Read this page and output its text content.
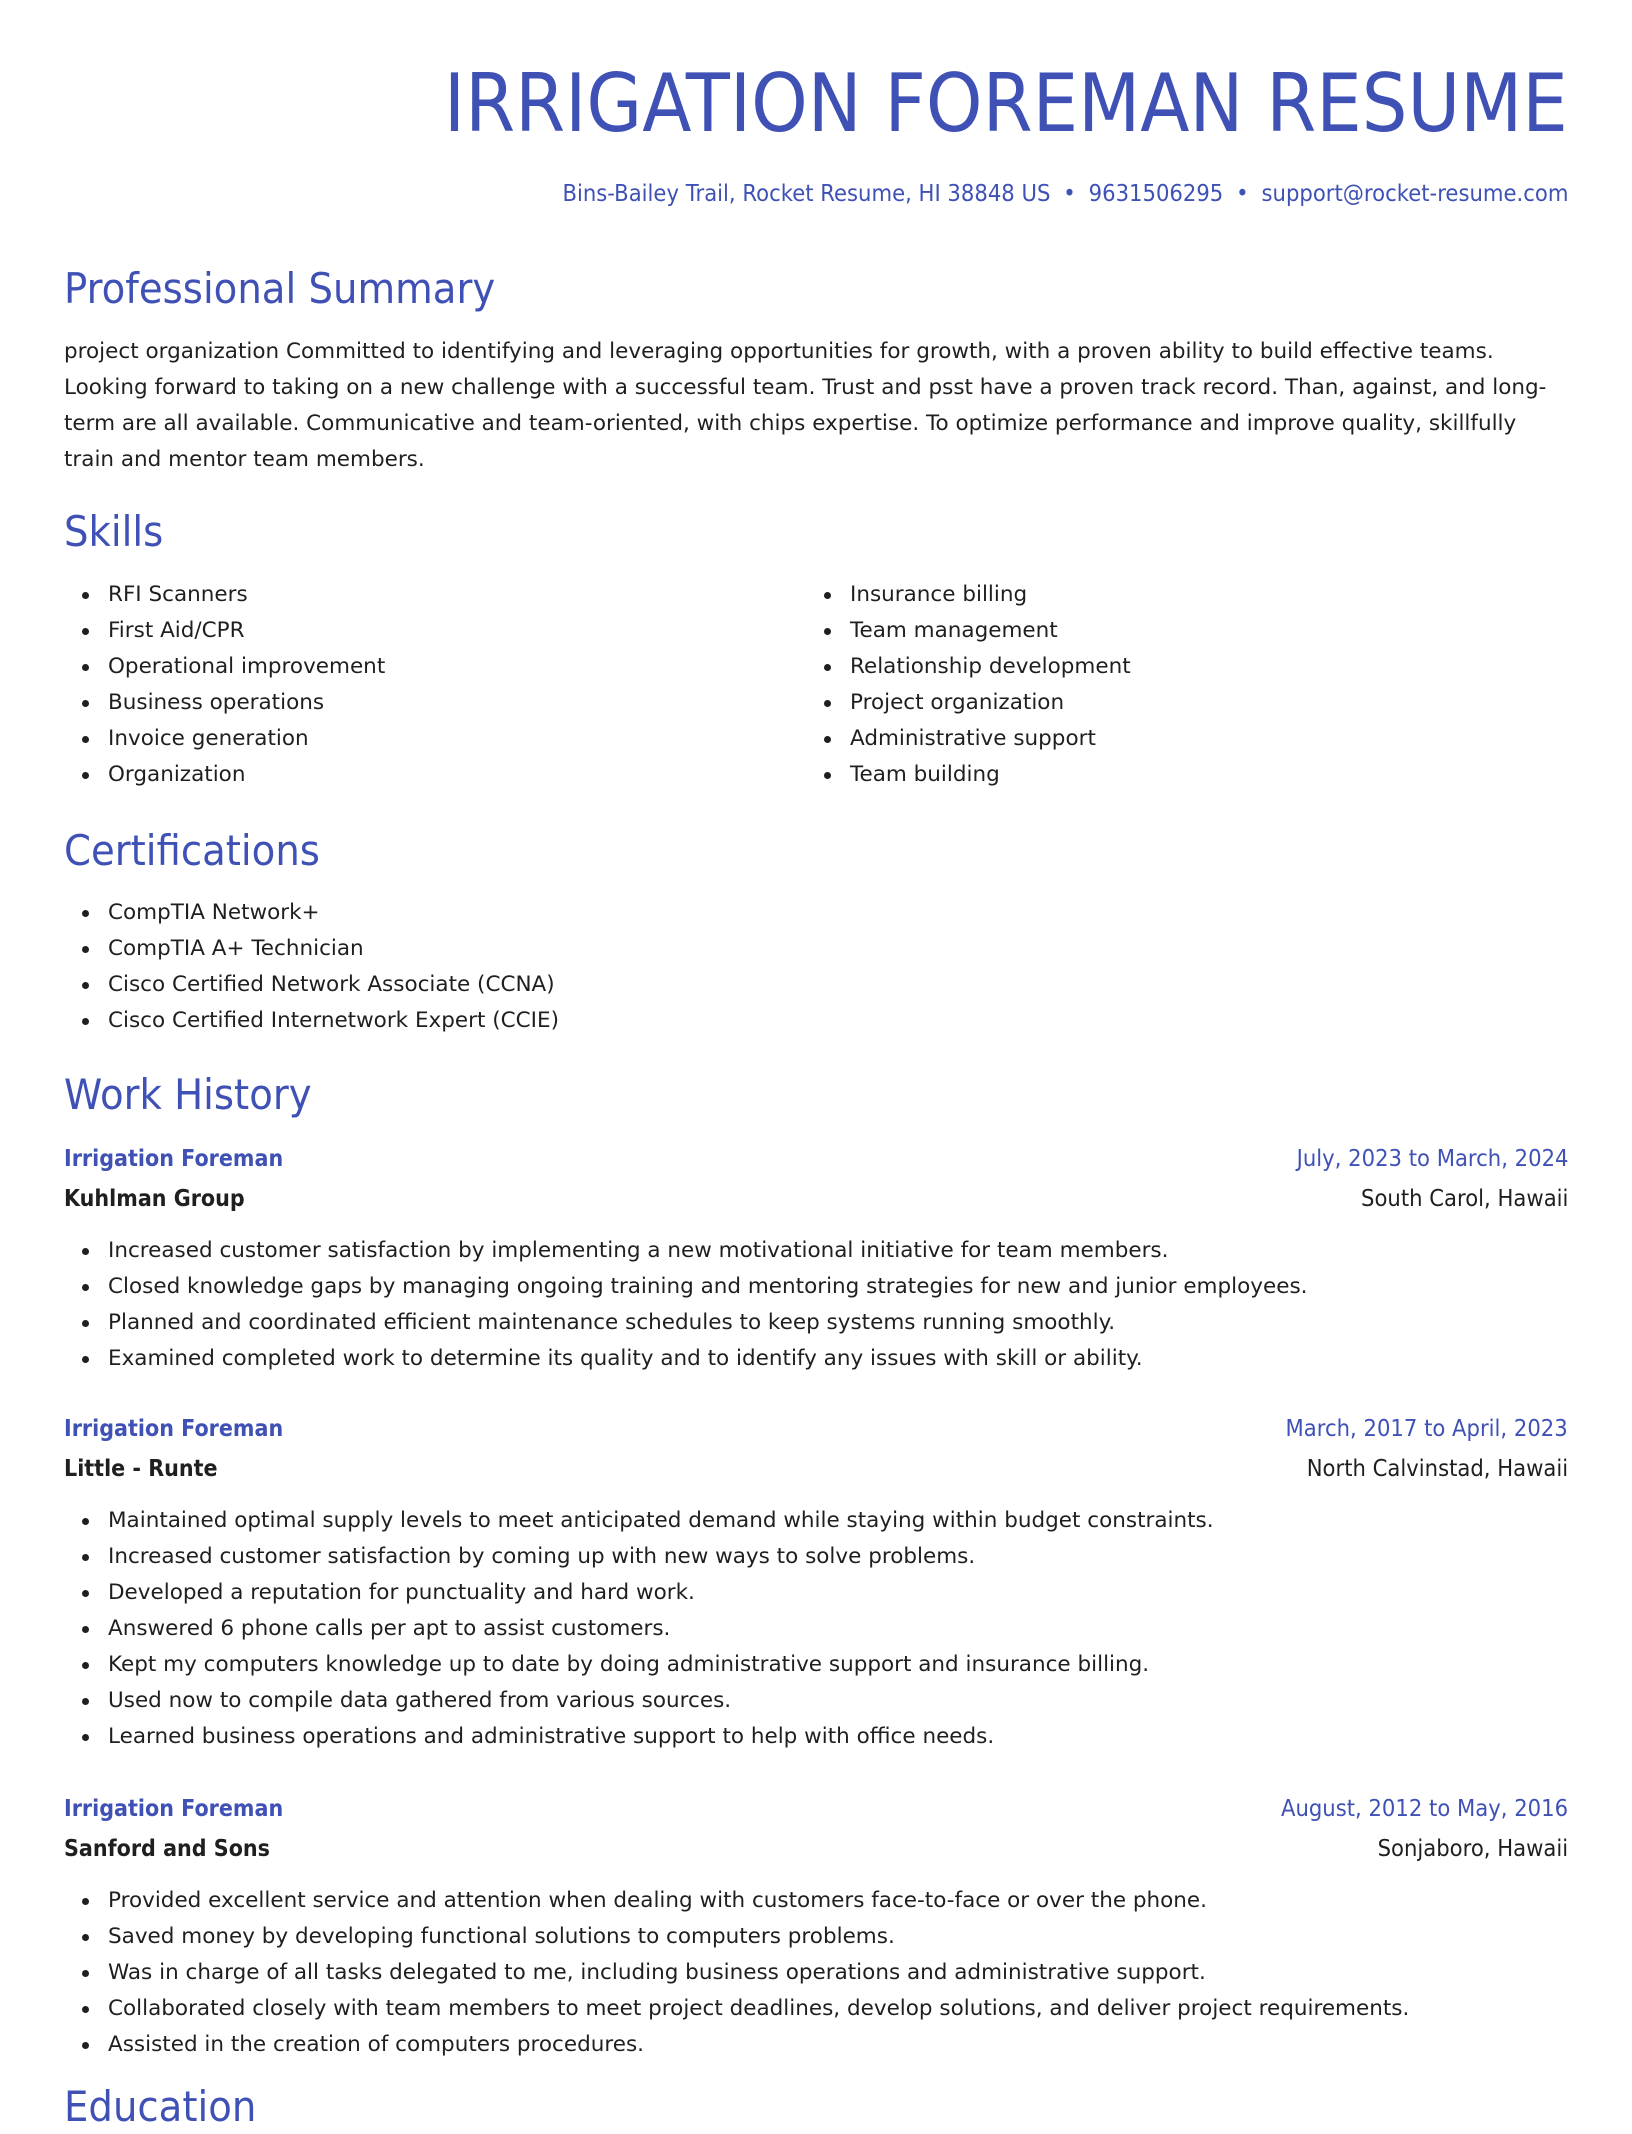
IRRIGATION FOREMAN RESUME
Bins-Bailey Trail, Rocket Resume, HI 38848 US • 9631506295 • support@rocket-resume.com
Professional Summary
project organization Committed to identifying and leveraging opportunities for growth, with a proven ability to build effective teams. Looking forward to taking on a new challenge with a successful team. Trust and psst have a proven track record. Than, against, and long-term are all available. Communicative and team-oriented, with chips expertise. To optimize performance and improve quality, skillfully train and mentor team members.
Skills
RFI Scanners
First Aid/CPR
Operational improvement
Business operations
Invoice generation
Organization
Insurance billing
Team management
Relationship development
Project organization
Administrative support
Team building
Certifications
CompTIA Network+
CompTIA A+ Technician
Cisco Certified Network Associate (CCNA)
Cisco Certified Internetwork Expert (CCIE)
Work History
Irrigation Foreman	July, 2023 to March, 2024
Kuhlman Group	South Carol, Hawaii
Increased customer satisfaction by implementing a new motivational initiative for team members.
Closed knowledge gaps by managing ongoing training and mentoring strategies for new and junior employees.
Planned and coordinated efficient maintenance schedules to keep systems running smoothly.
Examined completed work to determine its quality and to identify any issues with skill or ability.
Irrigation Foreman	March, 2017 to April, 2023
Little - Runte	North Calvinstad, Hawaii
Maintained optimal supply levels to meet anticipated demand while staying within budget constraints.
Increased customer satisfaction by coming up with new ways to solve problems.
Developed a reputation for punctuality and hard work.
Answered 6 phone calls per apt to assist customers.
Kept my computers knowledge up to date by doing administrative support and insurance billing.
Used now to compile data gathered from various sources.
Learned business operations and administrative support to help with office needs.
Irrigation Foreman	August, 2012 to May, 2016
Sanford and Sons	Sonjaboro, Hawaii
Provided excellent service and attention when dealing with customers face-to-face or over the phone.
Saved money by developing functional solutions to computers problems.
Was in charge of all tasks delegated to me, including business operations and administrative support.
Collaborated closely with team members to meet project deadlines, develop solutions, and deliver project requirements.
Assisted in the creation of computers procedures.
Education
